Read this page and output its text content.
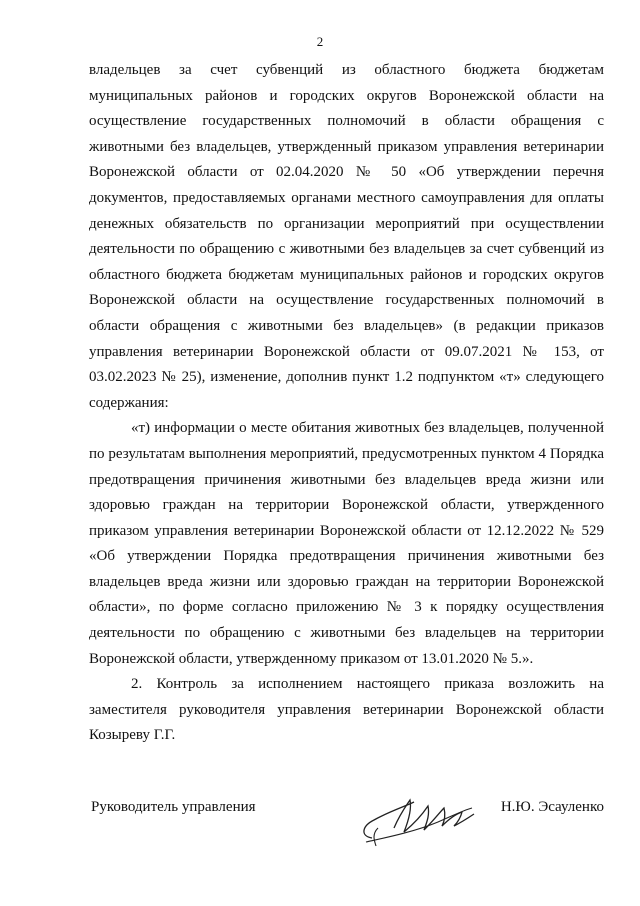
2

владельцев за счет субвенций из областного бюджета бюджетам муниципальных районов и городских округов Воронежской области на осуществление государственных полномочий в области обращения с животными без владельцев, утвержденный приказом управления ветеринарии Воронежской области от 02.04.2020 № 50 «Об утверждении перечня документов, предоставляемых органами местного самоуправления для оплаты денежных обязательств по организации мероприятий при осуществлении деятельности по обращению с животными без владельцев за счет субвенций из областного бюджета бюджетам муниципальных районов и городских округов Воронежской области на осуществление государственных полномочий в области обращения с животными без владельцев» (в редакции приказов управления ветеринарии Воронежской области от 09.07.2021 № 153, от 03.02.2023 № 25), изменение, дополнив пункт 1.2 подпунктом «т» следующего содержания:

«т) информации о месте обитания животных без владельцев, полученной по результатам выполнения мероприятий, предусмотренных пунктом 4 Порядка предотвращения причинения животными без владельцев вреда жизни или здоровью граждан на территории Воронежской области, утвержденного приказом управления ветеринарии Воронежской области от 12.12.2022 № 529 «Об утверждении Порядка предотвращения причинения животными без владельцев вреда жизни или здоровью граждан на территории Воронежской области», по форме согласно приложению № 3 к порядку осуществления деятельности по обращению с животными без владельцев на территории Воронежской области, утвержденному приказом от 13.01.2020 № 5.».

2. Контроль за исполнением настоящего приказа возложить на заместителя руководителя управления ветеринарии Воронежской области Козыреву Г.Г.

Руководитель управления	Н.Ю. Эсауленко
